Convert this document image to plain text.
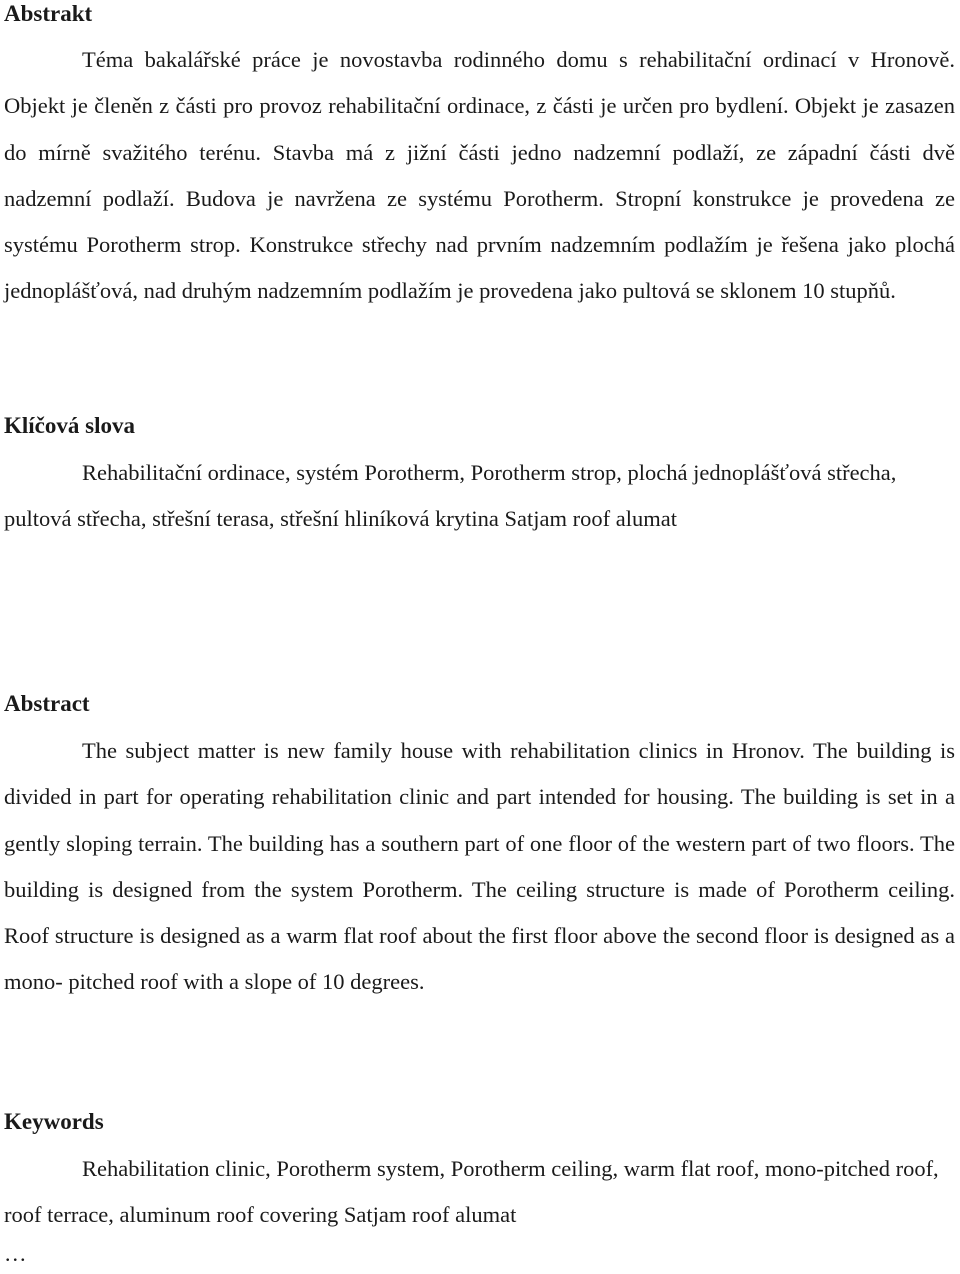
Abstrakt

Téma bakalářské práce je novostavba rodinného domu s rehabilitační ordinací v Hronově. Objekt je členěn z části pro provoz rehabilitační ordinace, z části je určen pro bydlení. Objekt je zasazen do mírně svažitého terénu. Stavba má z jižní části jedno nadzemní podlaží, ze západní části dvě nadzemní podlaží. Budova je navržena ze systému Porotherm. Stropní konstrukce je provedena ze systému Porotherm strop. Konstrukce střechy nad prvním nadzemním podlažím je řešena jako plochá jednoplášťová, nad druhým nadzemním podlažím je provedena jako pultová se sklonem 10 stupňů.

Klíčová slova

Rehabilitační ordinace, systém Porotherm, Porotherm strop, plochá jednoplášťová střecha, pultová střecha, střešní terasa, střešní hliníková krytina Satjam roof alumat

Abstract

The subject matter is new family house with rehabilitation clinics in Hronov. The building is divided in part for operating rehabilitation clinic and part intended for housing. The building is set in a gently sloping terrain. The building has a southern part of one floor of the western part of two floors. The building is designed from the system Porotherm. The ceiling structure is made of Porotherm ceiling. Roof structure is designed as a warm flat roof about the first floor above the second floor is designed as a mono- pitched roof with a slope of 10 degrees.

Keywords

Rehabilitation clinic, Porotherm system, Porotherm ceiling, warm flat roof, mono-pitched roof, roof terrace, aluminum roof covering Satjam roof alumat

…
